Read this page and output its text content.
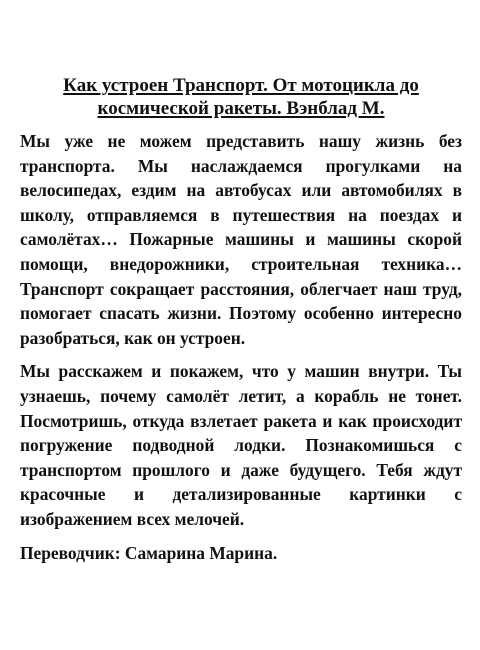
Как устроен Транспорт. От мотоцикла до космической ракеты. Вэнблад М.

Мы уже не можем представить нашу жизнь без транспорта. Мы наслаждаемся прогулками на велосипедах, ездим на автобусах или автомобилях в школу, отправляемся в путешествия на поездах и самолётах… Пожарные машины и машины скорой помощи, внедорожники, строительная техника… Транспорт сокращает расстояния, облегчает наш труд, помогает спасать жизни. Поэтому особенно интересно разобраться, как он устроен.

Мы расскажем и покажем, что у машин внутри. Ты узнаешь, почему самолёт летит, а корабль не тонет. Посмотришь, откуда взлетает ракета и как происходит погружение подводной лодки. Познакомишься с транспортом прошлого и даже будущего. Тебя ждут красочные и детализированные картинки с изображением всех мелочей.

Переводчик: Самарина Марина.
